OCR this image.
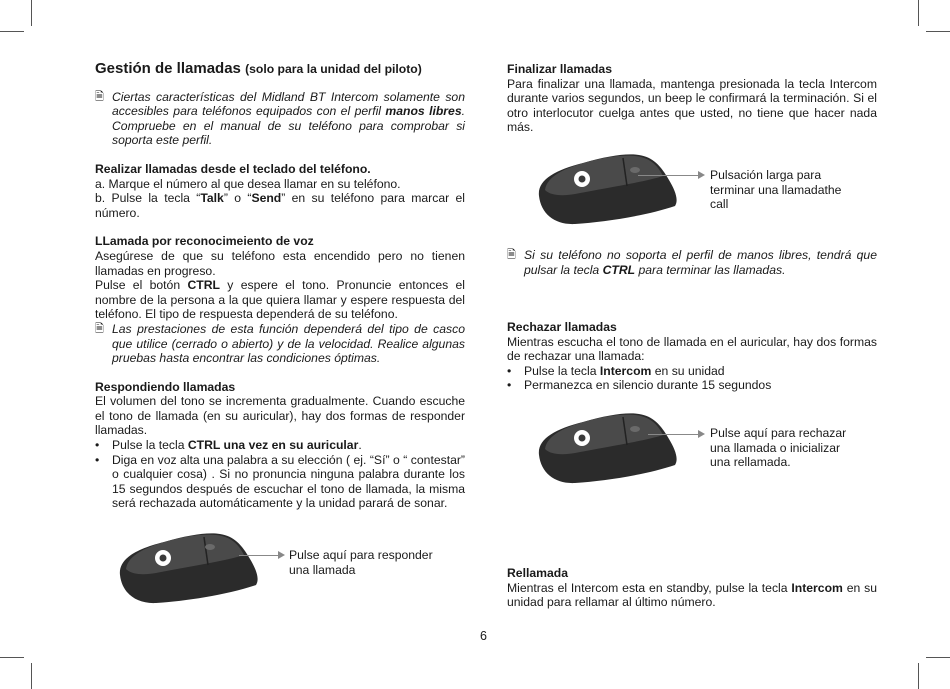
Gestión de llamadas (solo para la unidad del piloto)
🗎 Ciertas características del Midland BT Intercom solamente son accesibles para teléfonos equipados con el perfil manos libres. Compruebe en el manual de su teléfono para comprobar si soporta este perfil.

Realizar llamadas desde el teclado del teléfono.

a. Marque el número al que desea llamar en su teléfono.

b. Pulse la tecla “Talk” o “Send” en su teléfono para marcar el número.

LLamada por reconocimeiento de voz

Asegúrese de que su teléfono esta encendido pero no tienen llamadas en progreso.

Pulse el botón CTRL y espere el tono. Pronuncie entonces el nombre de la persona a la que quiera llamar y espere respuesta del teléfono. El tipo de respuesta dependerá de su teléfono.

🗎 Las prestaciones de esta función dependerá del tipo de casco que utilice (cerrado o abierto) y de la velocidad. Realice algunas pruebas hasta encontrar las condiciones óptimas.

Respondiendo llamadas

El volumen del tono se incrementa gradualmente. Cuando escuche el tono de llamada (en su auricular), hay dos formas de responder llamadas.

•	Pulse la tecla CTRL una vez en su auricular.
•	Diga en voz alta una palabra a su elección ( ej. “Sí” o “ contestar” o cualquier cosa) . Si no pronuncia ninguna palabra durante los 15 segundos después de escuchar el tono de llamada, la misma será rechazada automáticamente y la unidad parará de sonar.

Finalizar llamadas

Para finalizar una llamada, mantenga presionada la tecla Intercom durante varios segundos, un beep le confirmará la terminación. Si el otro interlocutor cuelga antes que usted, no tiene que hacer nada más.

🗎 Si su teléfono no soporta el perfil de manos libres, tendrá que pulsar la tecla CTRL para terminar las llamadas.

Rechazar llamadas

Mientras escucha el tono de llamada en el auricular, hay dos formas de rechazar una llamada:

•	Pulse la tecla Intercom en su unidad
•	Permanezca en silencio durante 15 segundos

Rellamada

Mientras el Intercom esta en standby, pulse la tecla Intercom en su unidad para rellamar al último número.

Pulse aquí para responder
una llamada
Pulsación larga para
terminar una llamadathe
call
Pulse aquí para rechazar
una llamada o inicializar
una rellamada.
6
